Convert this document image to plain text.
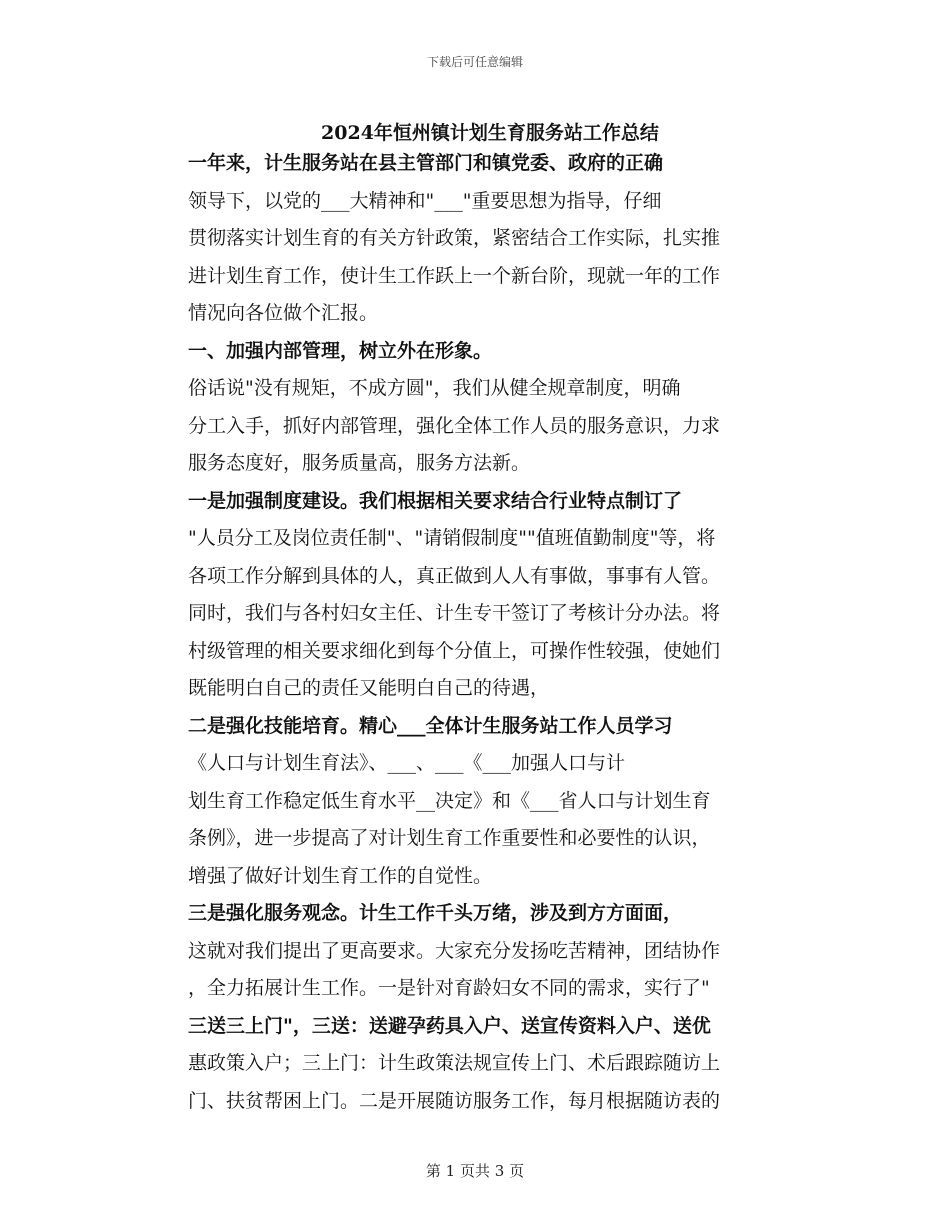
下载后可任意编辑
2024年恒州镇计划生育服务站工作总结
一年来，计生服务站在县主管部门和镇党委、政府的正确
领导下，以党的___大精神和"___"重要思想为指导，仔细
贯彻落实计划生育的有关方针政策，紧密结合工作实际，扎实推
进计划生育工作，使计生工作跃上一个新台阶，现就一年的工作
情况向各位做个汇报。
一、加强内部管理，树立外在形象。
俗话说"没有规矩，不成方圆"，我们从健全规章制度，明确
分工入手，抓好内部管理，强化全体工作人员的服务意识，力求
服务态度好，服务质量高，服务方法新。
一是加强制度建设。我们根据相关要求结合行业特点制订了
"人员分工及岗位责任制"、"请销假制度""值班值勤制度"等，将
各项工作分解到具体的人，真正做到人人有事做，事事有人管。
同时，我们与各村妇女主任、计生专干签订了考核计分办法。将
村级管理的相关要求细化到每个分值上，可操作性较强，使她们
既能明白自己的责任又能明白自己的待遇，
二是强化技能培育。精心___全体计生服务站工作人员学习
《人口与计划生育法》、___、___《___加强人口与计
划生育工作稳定低生育水平__决定》和《___省人口与计划生育
条例》，进一步提高了对计划生育工作重要性和必要性的认识，
增强了做好计划生育工作的自觉性。
三是强化服务观念。计生工作千头万绪，涉及到方方面面，
这就对我们提出了更高要求。大家充分发扬吃苦精神，团结协作
，全力拓展计生工作。一是针对育龄妇女不同的需求，实行了"
三送三上门"，三送：送避孕药具入户、送宣传资料入户、送优
惠政策入户；三上门：计生政策法规宣传上门、术后跟踪随访上
门、扶贫帮困上门。二是开展随访服务工作，每月根据随访表的
第 1 页共 3 页
